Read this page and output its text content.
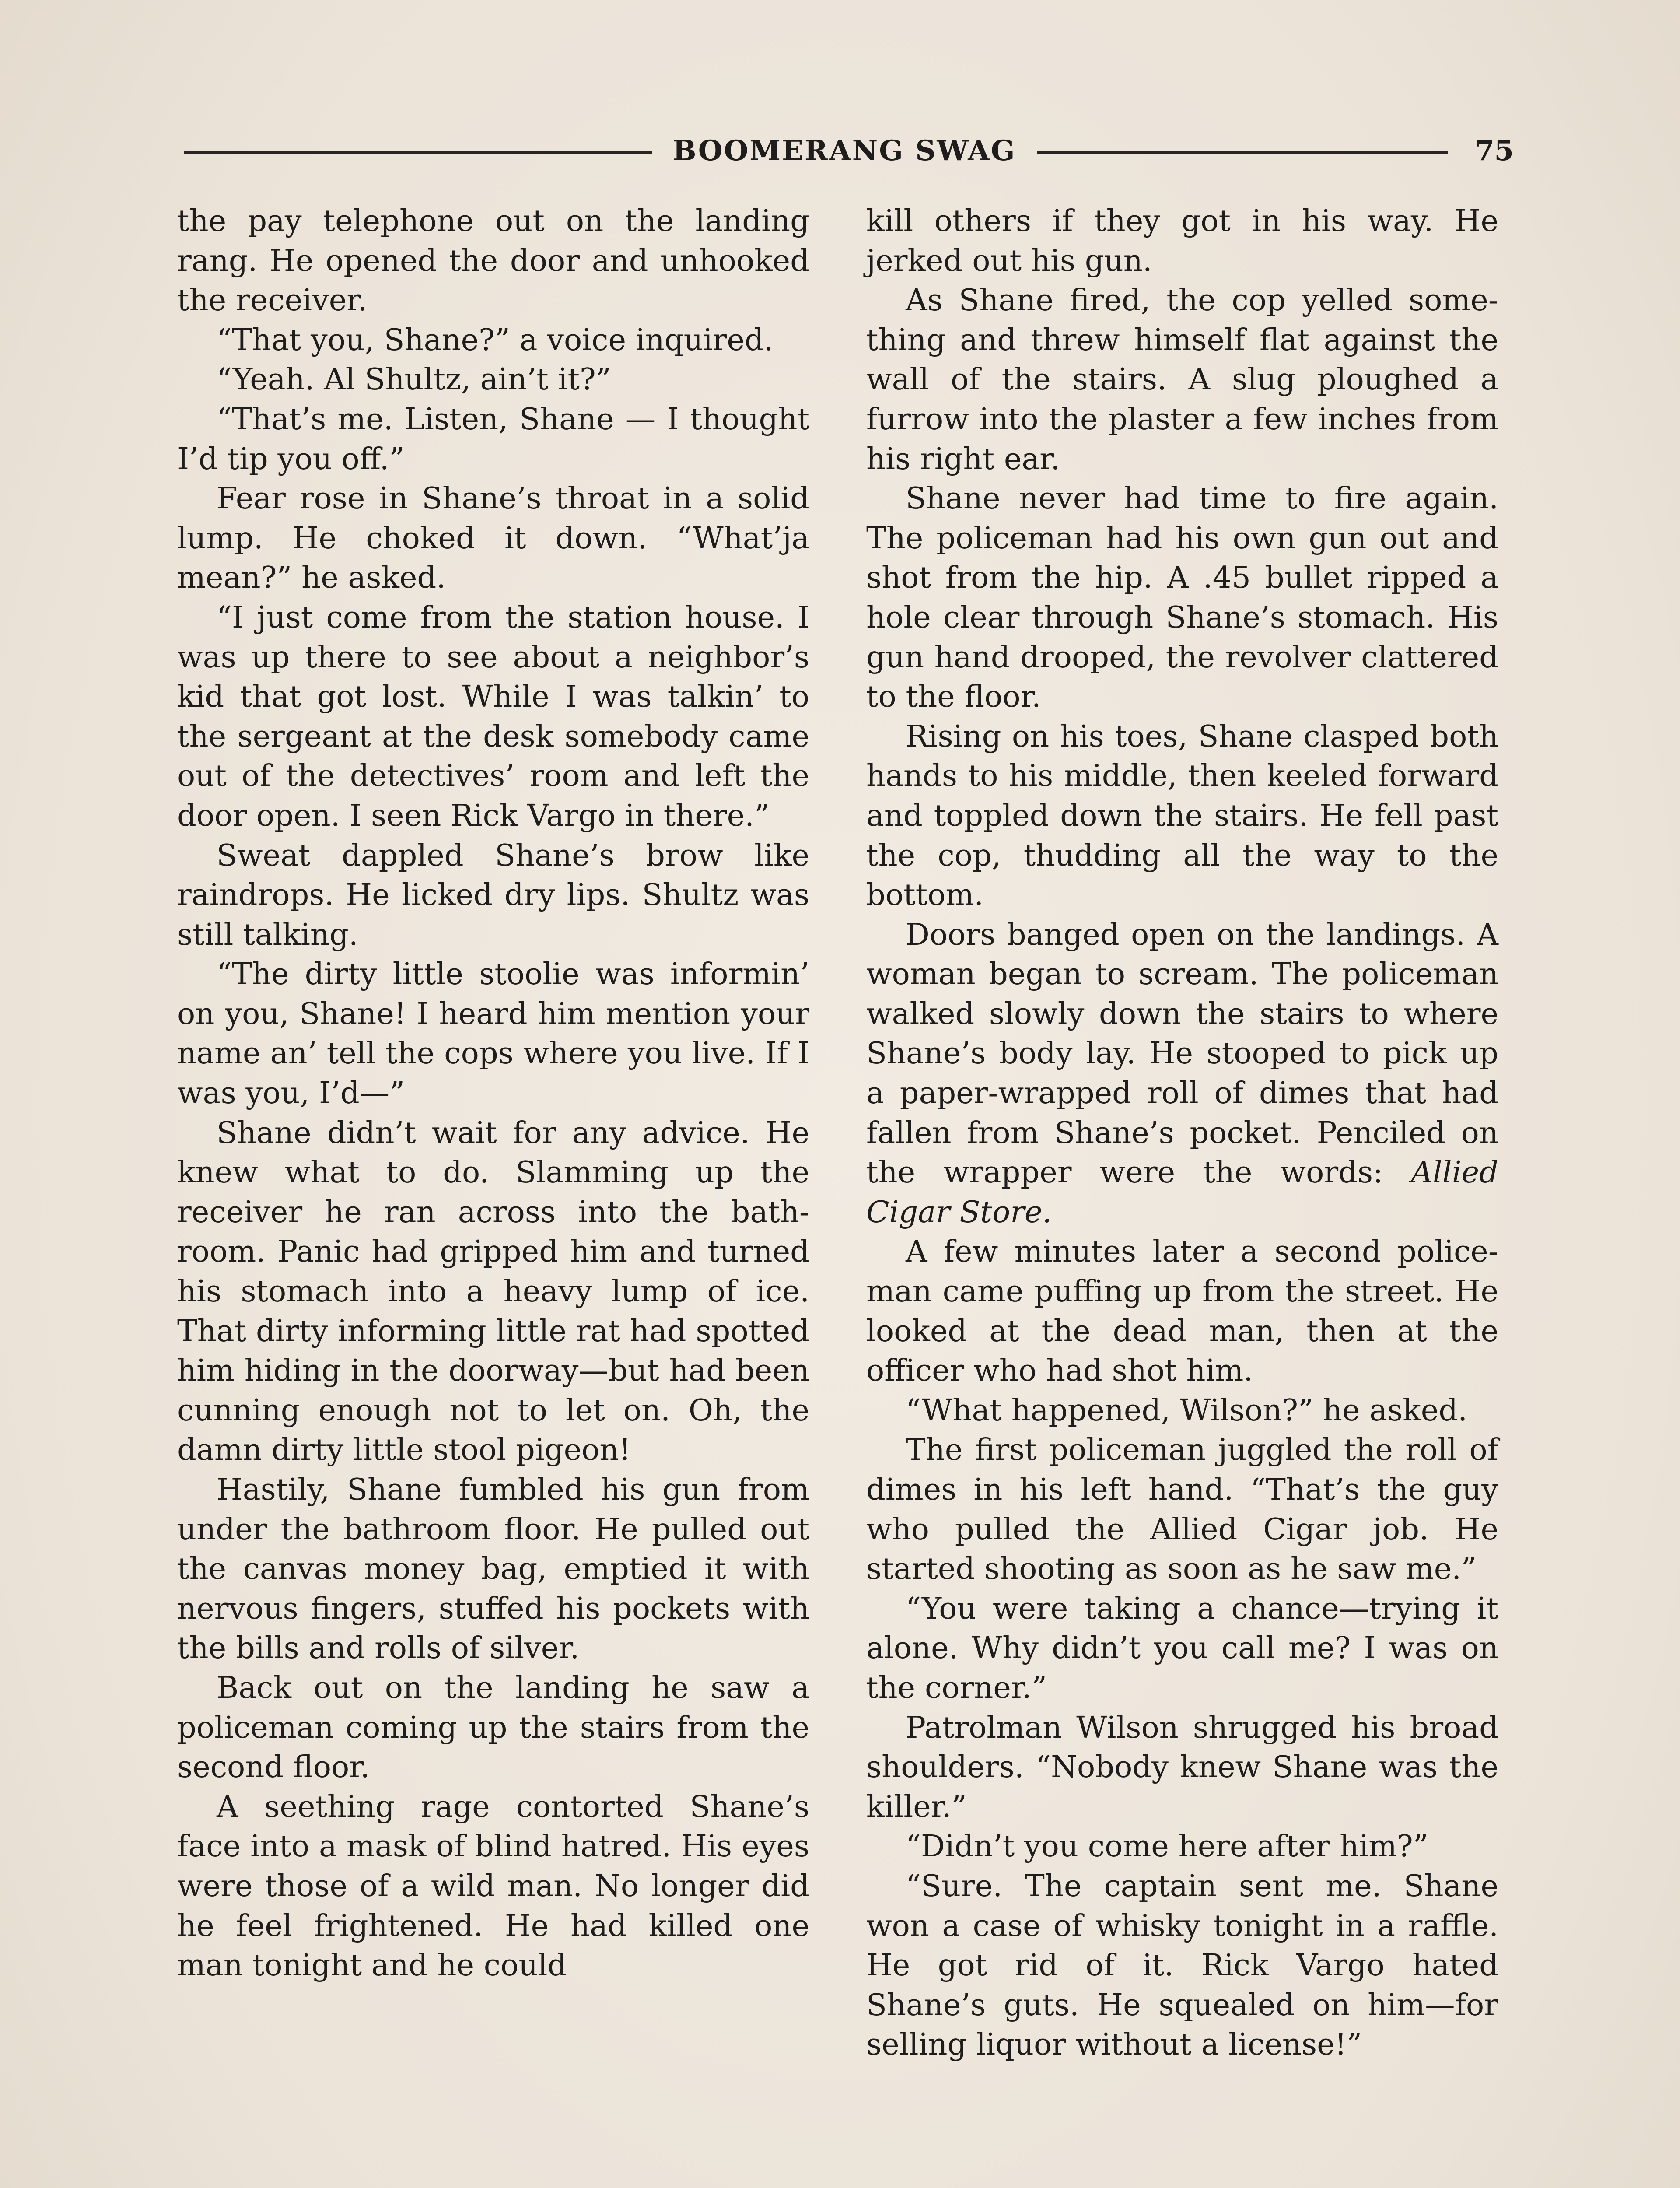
BOOMERANG SWAG	75

the pay telephone out on the landing rang. He opened the door and unhooked the receiver.

“That you, Shane?” a voice inquired.

“Yeah. Al Shultz, ain’t it?”

“That’s me. Listen, Shane — I thought I’d tip you off.”

Fear rose in Shane’s throat in a solid lump. He choked it down. “What’ja mean?” he asked.

“I just come from the station house. I was up there to see about a neighbor’s kid that got lost. While I was talkin’ to the sergeant at the desk somebody came out of the detectives’ room and left the door open. I seen Rick Vargo in there.”

Sweat dappled Shane’s brow like raindrops. He licked dry lips. Shultz was still talking.

“The dirty little stoolie was informin’ on you, Shane! I heard him mention your name an’ tell the cops where you live. If I was you, I’d—”

Shane didn’t wait for any advice. He knew what to do. Slamming up the receiver he ran across into the bathroom. Panic had gripped him and turned his stomach into a heavy lump of ice. That dirty informing little rat had spotted him hiding in the doorway—but had been cunning enough not to let on. Oh, the damn dirty little stool pigeon!

Hastily, Shane fumbled his gun from under the bathroom floor. He pulled out the canvas money bag, emptied it with nervous fingers, stuffed his pockets with the bills and rolls of silver.

Back out on the landing he saw a policeman coming up the stairs from the second floor.

A seething rage contorted Shane’s face into a mask of blind hatred. His eyes were those of a wild man. No longer did he feel frightened. He had killed one man tonight and he could

kill others if they got in his way. He jerked out his gun.

As Shane fired, the cop yelled something and threw himself flat against the wall of the stairs. A slug ploughed a furrow into the plaster a few inches from his right ear.

Shane never had time to fire again. The policeman had his own gun out and shot from the hip. A .45 bullet ripped a hole clear through Shane’s stomach. His gun hand drooped, the revolver clattered to the floor.

Rising on his toes, Shane clasped both hands to his middle, then keeled forward and toppled down the stairs. He fell past the cop, thudding all the way to the bottom.

Doors banged open on the landings. A woman began to scream. The policeman walked slowly down the stairs to where Shane’s body lay. He stooped to pick up a paper-wrapped roll of dimes that had fallen from Shane’s pocket. Penciled on the wrapper were the words: Allied Cigar Store.

A few minutes later a second policeman came puffing up from the street. He looked at the dead man, then at the officer who had shot him.

“What happened, Wilson?” he asked.

The first policeman juggled the roll of dimes in his left hand. “That’s the guy who pulled the Allied Cigar job. He started shooting as soon as he saw me.”

“You were taking a chance—trying it alone. Why didn’t you call me? I was on the corner.”

Patrolman Wilson shrugged his broad shoulders. “Nobody knew Shane was the killer.”

“Didn’t you come here after him?”

“Sure. The captain sent me. Shane won a case of whisky tonight in a raffle. He got rid of it. Rick Vargo hated Shane’s guts. He squealed on him—for selling liquor without a license!”
